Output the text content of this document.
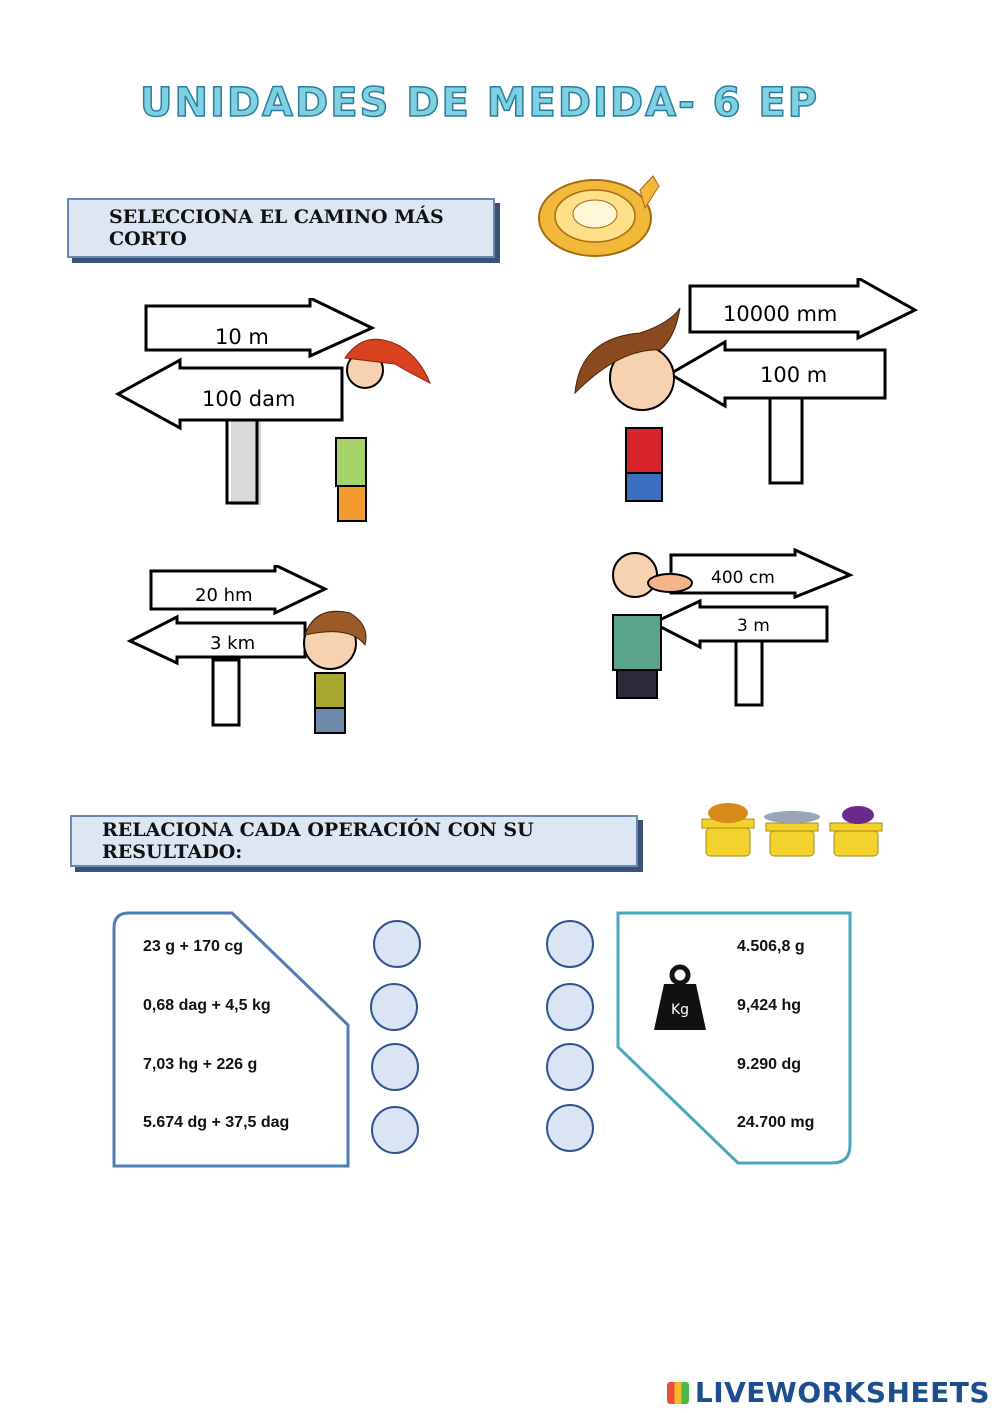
UNIDADES DE MEDIDA- 6 EP
SELECCIONA EL CAMINO MÁS CORTO
10 m
100 dam
10000 mm
100 m
20 hm
3 km
400 cm
3 m
RELACIONA CADA OPERACIÓN CON SU RESULTADO:
23 g + 170 cg
0,68 dag + 4,5 kg
7,03 hg + 226 g
5.674 dg + 37,5 dag
Kg
4.506,8 g
9,424 hg
9.290 dg
24.700 mg
LIVEWORKSHEETS
